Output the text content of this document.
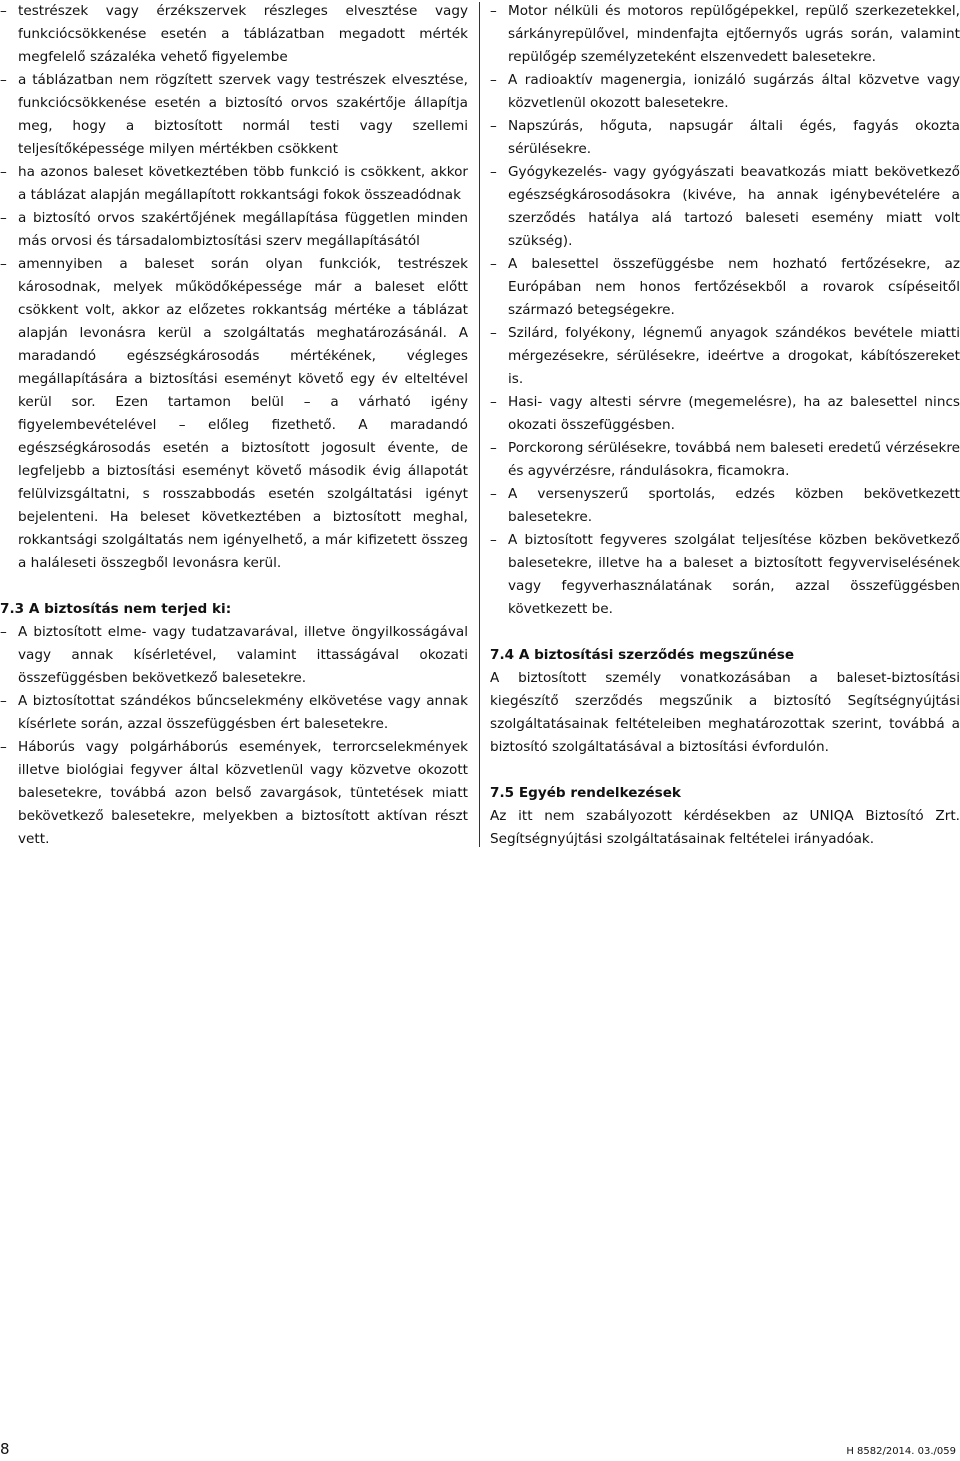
– testrészek vagy érzékszervek részleges elvesztése vagy funkciócsökkenése esetén a táblázatban megadott mérték megfelelő százaléka vehető figyelembe
– a táblázatban nem rögzített szervek vagy testrészek elvesztése, funkciócsökkenése esetén a biztosító orvos szakértője állapítja meg, hogy a biztosított normál testi vagy szellemi teljesítőképessége milyen mértékben csökkent
– ha azonos baleset következtében több funkció is csökkent, akkor a táblázat alapján megállapított rokkantsági fokok összeadódnak
– a biztosító orvos szakértőjének megállapítása független minden más orvosi és társadalombiztosítási szerv megállapításától
– amennyiben a baleset során olyan funkciók, testrészek károsodnak, melyek működőképessége már a baleset előtt csökkent volt, akkor az előzetes rokkantság mértéke a táblázat alapján levonásra kerül a szolgáltatás meghatározásánál. A maradandó egészségkárosodás mértékének, végleges megállapítására a biztosítási eseményt követő egy év elteltével kerül sor. Ezen tartamon belül – a várható igény figyelembevételével – előleg fizethető. A maradandó egészségkárosodás esetén a biztosított jogosult évente, de legfeljebb a biztosítási eseményt követő második évig állapotát felülvizsgáltatni, s rosszabbodás esetén szolgáltatási igényt bejelenteni. Ha beleset következtében a biztosított meghal, rokkantsági szolgáltatás nem igényelhető, a már kifizetett összeg a haláleseti összegből levonásra kerül.

7.3 A biztosítás nem terjed ki:

– A biztosított elme- vagy tudatzavarával, illetve öngyilkosságával vagy annak kísérletével, valamint ittasságával okozati összefüggésben bekövetkező balesetekre.
– A biztosítottat szándékos bűncselekmény elkövetése vagy annak kísérlete során, azzal összefüggésben ért balesetekre.
– Háborús vagy polgárháborús események, terrorcselekmények illetve biológiai fegyver által közvetlenül vagy közvetve okozott balesetekre, továbbá azon belső zavargások, tüntetések miatt bekövetkező balesetekre, melyekben a biztosított aktívan részt vett.
– Motor nélküli és motoros repülőgépekkel, repülő szerkezetekkel, sárkányrepülővel, mindenfajta ejtőernyős ugrás során, valamint repülőgép személyzeteként elszenvedett balesetekre.
– A radioaktív magenergia, ionizáló sugárzás által közvetve vagy közvetlenül okozott balesetekre.
– Napszúrás, hőguta, napsugár általi égés, fagyás okozta sérülésekre.
– Gyógykezelés- vagy gyógyászati beavatkozás miatt bekövetkező egészségkárosodásokra (kivéve, ha annak igénybevételére a szerződés hatálya alá tartozó baleseti esemény miatt volt szükség).
– A balesettel összefüggésbe nem hozható fertőzésekre, az Európában nem honos fertőzésekből a rovarok csípéseitől származó betegségekre.
– Szilárd, folyékony, légnemű anyagok szándékos bevétele miatti mérgezésekre, sérülésekre, ideértve a drogokat, kábítószereket is.
– Hasi- vagy altesti sérvre (megemelésre), ha az balesettel nincs okozati összefüggésben.
– Porckorong sérülésekre, továbbá nem baleseti eredetű vérzésekre és agyvérzésre, rándulásokra, ficamokra.
– A versenyszerű sportolás, edzés közben bekövetkezett balesetekre.
– A biztosított fegyveres szolgálat teljesítése közben bekövetkező balesetekre, illetve ha a baleset a biztosított fegyverviselésének vagy fegyverhasználatának során, azzal összefüggésben következett be.

7.4 A biztosítási szerződés megszűnése

A biztosított személy vonatkozásában a baleset-biztosítási kiegészítő szerződés megszűnik a biztosító Segítségnyújtási szolgáltatásainak feltételeiben meghatározottak szerint, továbbá a biztosító szolgáltatásával a biztosítási évfordulón.

7.5 Egyéb rendelkezések

Az itt nem szabályozott kérdésekben az UNIQA Biztosító Zrt. Segítségnyújtási szolgáltatásainak feltételei irányadóak.

8	H 8582/2014. 03./059
